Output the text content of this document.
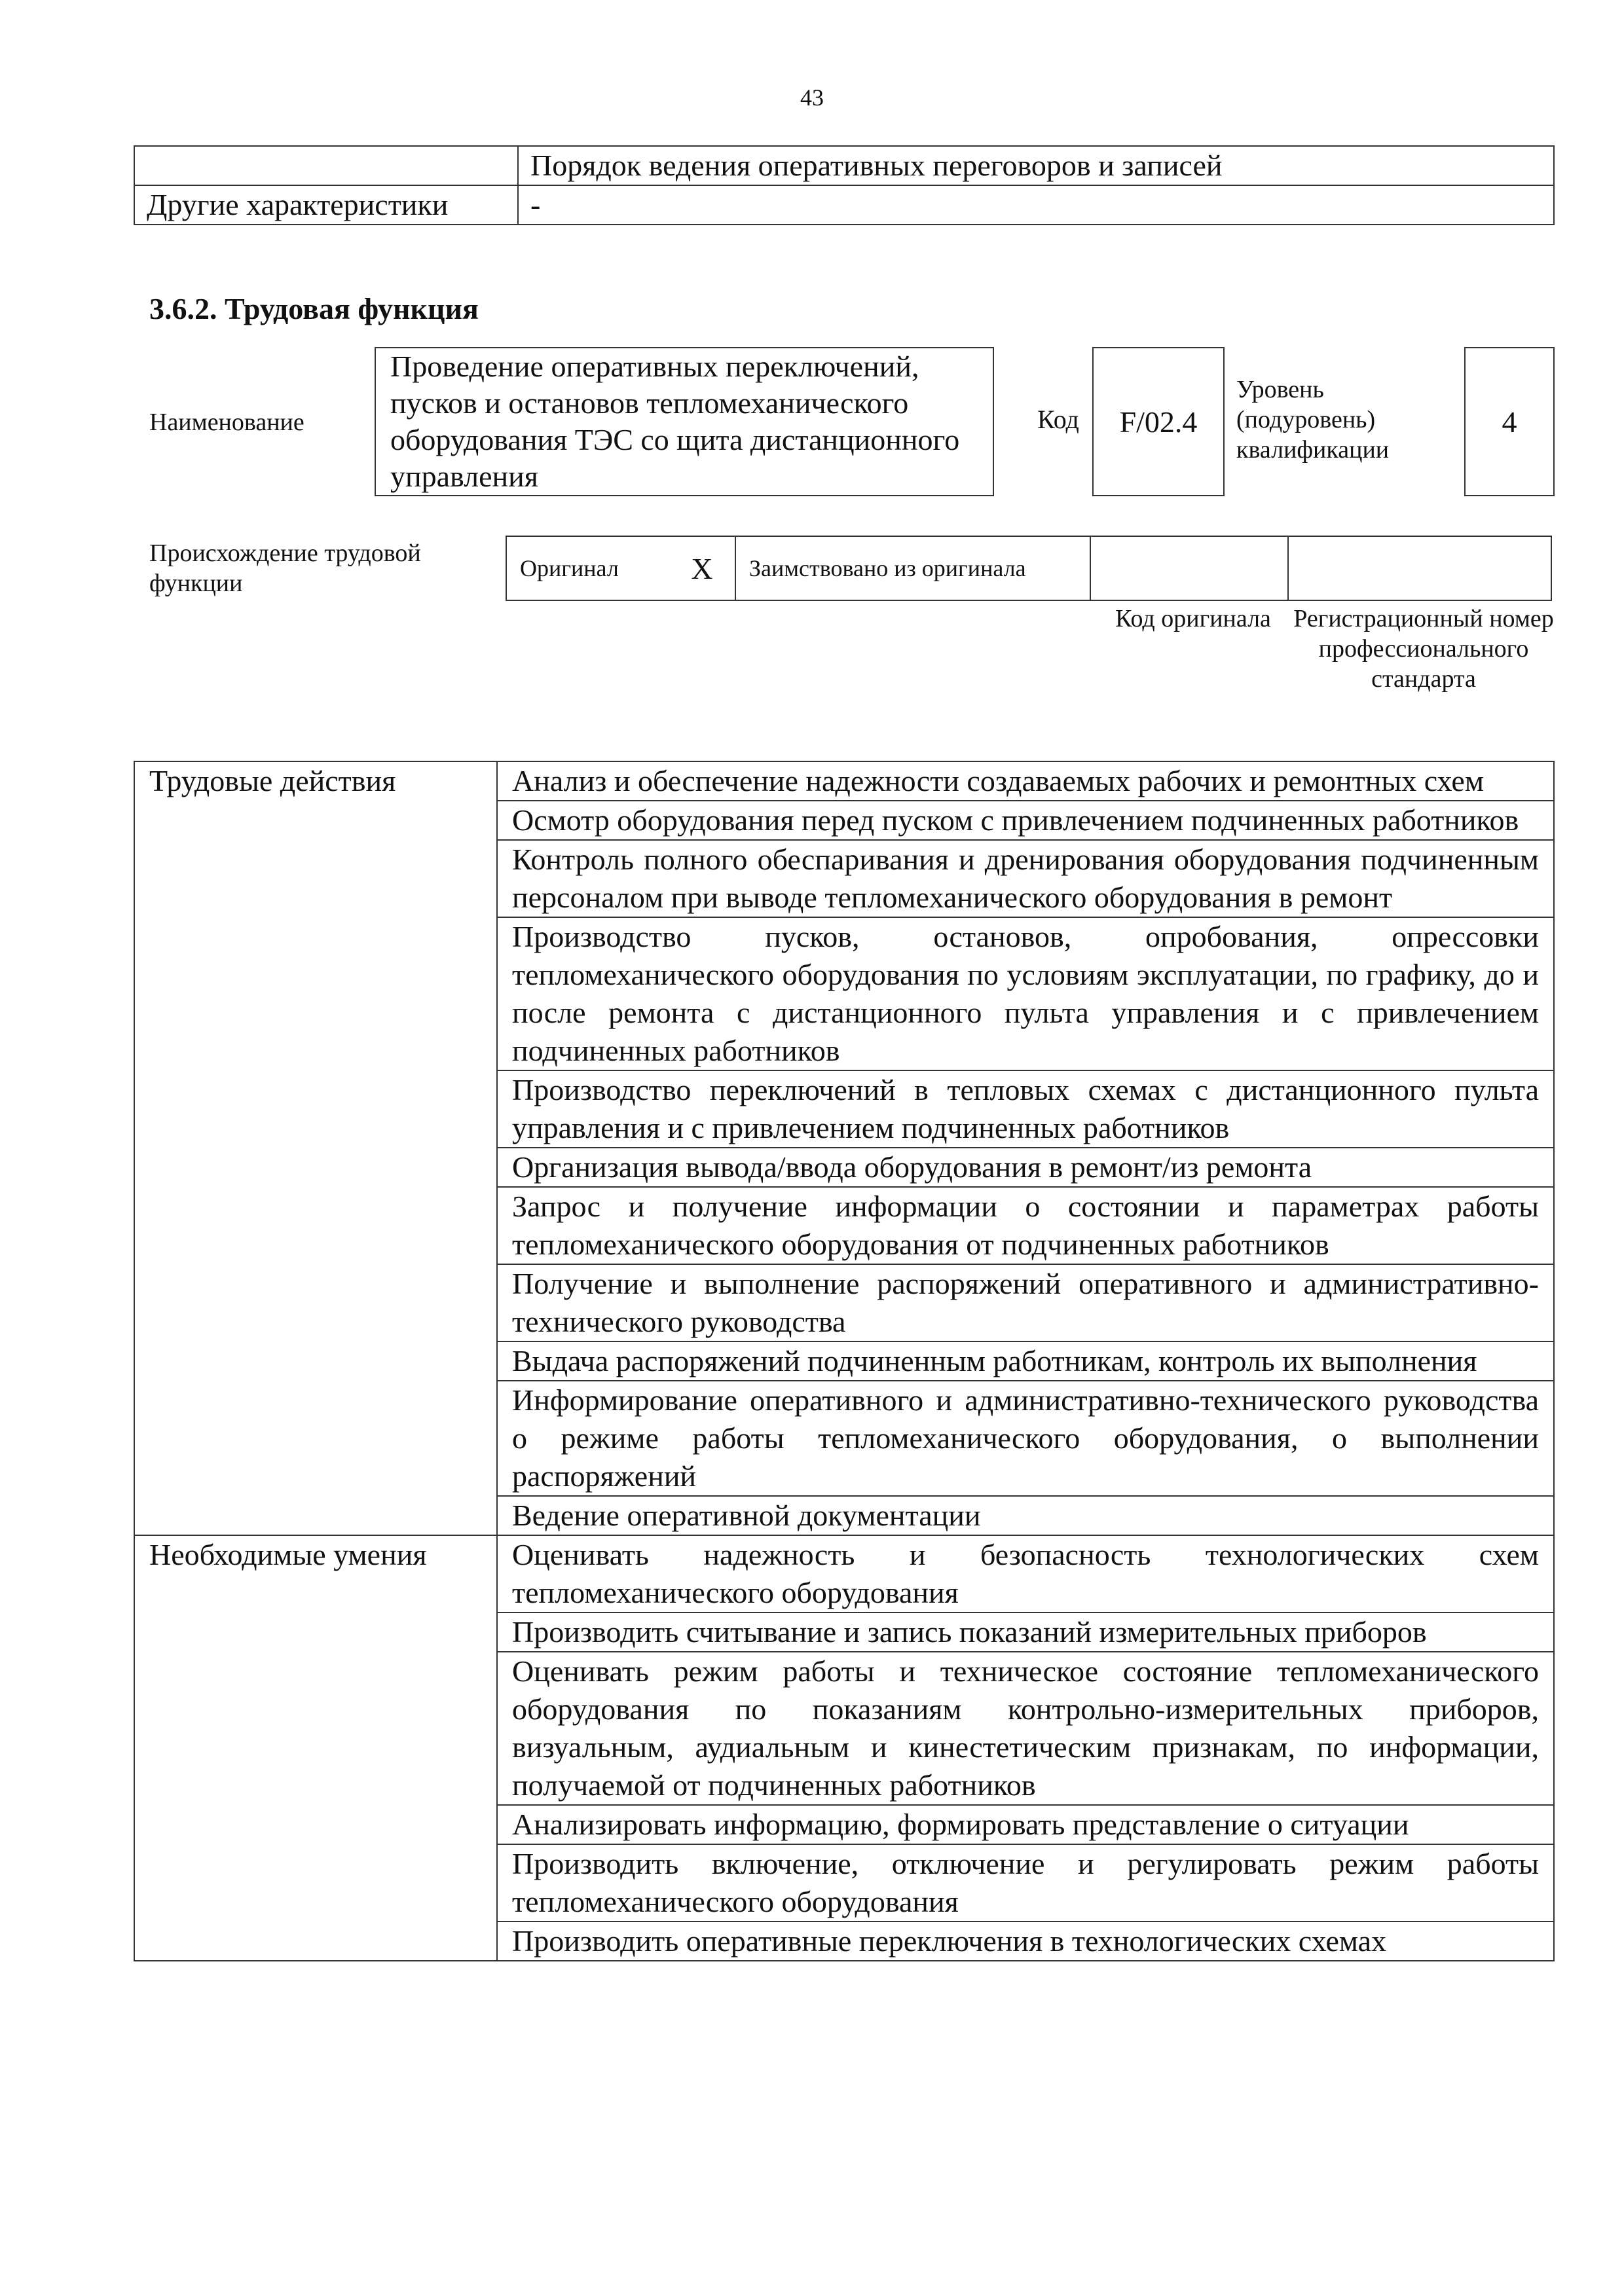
43
	Порядок ведения оперативных переговоров и записей
Другие характеристики	-
3.6.2. Трудовая функция
Наименование
Проведение оперативных переключений, пусков и остановов тепломеханического оборудования ТЭС со щита дистанционного управления
Код	F/02.4
Уровень (подуровень) квалификации
4
Происхождение трудовой функции
Оригинал	X	Заимствовано из оригинала		
Код оригинала Регистрационный номер профессионального стандарта
Трудовые действия	Анализ и обеспечение надежности создаваемых рабочих и ремонтных схем
	Осмотр оборудования перед пуском с привлечением подчиненных работников
	Контроль полного обеспаривания и дренирования оборудования подчиненным персоналом при выводе тепломеханического оборудования в ремонт
	Производство пусков, остановов, опробования, опрессовки тепломеханического оборудования по условиям эксплуатации, по графику, до и после ремонта с дистанционного пульта управления и с привлечением подчиненных работников
	Производство переключений в тепловых схемах с дистанционного пульта управления и с привлечением подчиненных работников
	Организация вывода/ввода оборудования в ремонт/из ремонта
	Запрос и получение информации о состоянии и параметрах работы тепломеханического оборудования от подчиненных работников
	Получение и выполнение распоряжений оперативного и административно-технического руководства
	Выдача распоряжений подчиненным работникам, контроль их выполнения
	Информирование оперативного и административно-технического руководства о режиме работы тепломеханического оборудования, о выполнении распоряжений
	Ведение оперативной документации
Необходимые умения	Оценивать надежность и безопасность технологических схем тепломеханического оборудования
	Производить считывание и запись показаний измерительных приборов
	Оценивать режим работы и техническое состояние тепломеханического оборудования по показаниям контрольно-измерительных приборов, визуальным, аудиальным и кинестетическим признакам, по информации, получаемой от подчиненных работников
	Анализировать информацию, формировать представление о ситуации
	Производить включение, отключение и регулировать режим работы тепломеханического оборудования
	Производить оперативные переключения в технологических схемах
